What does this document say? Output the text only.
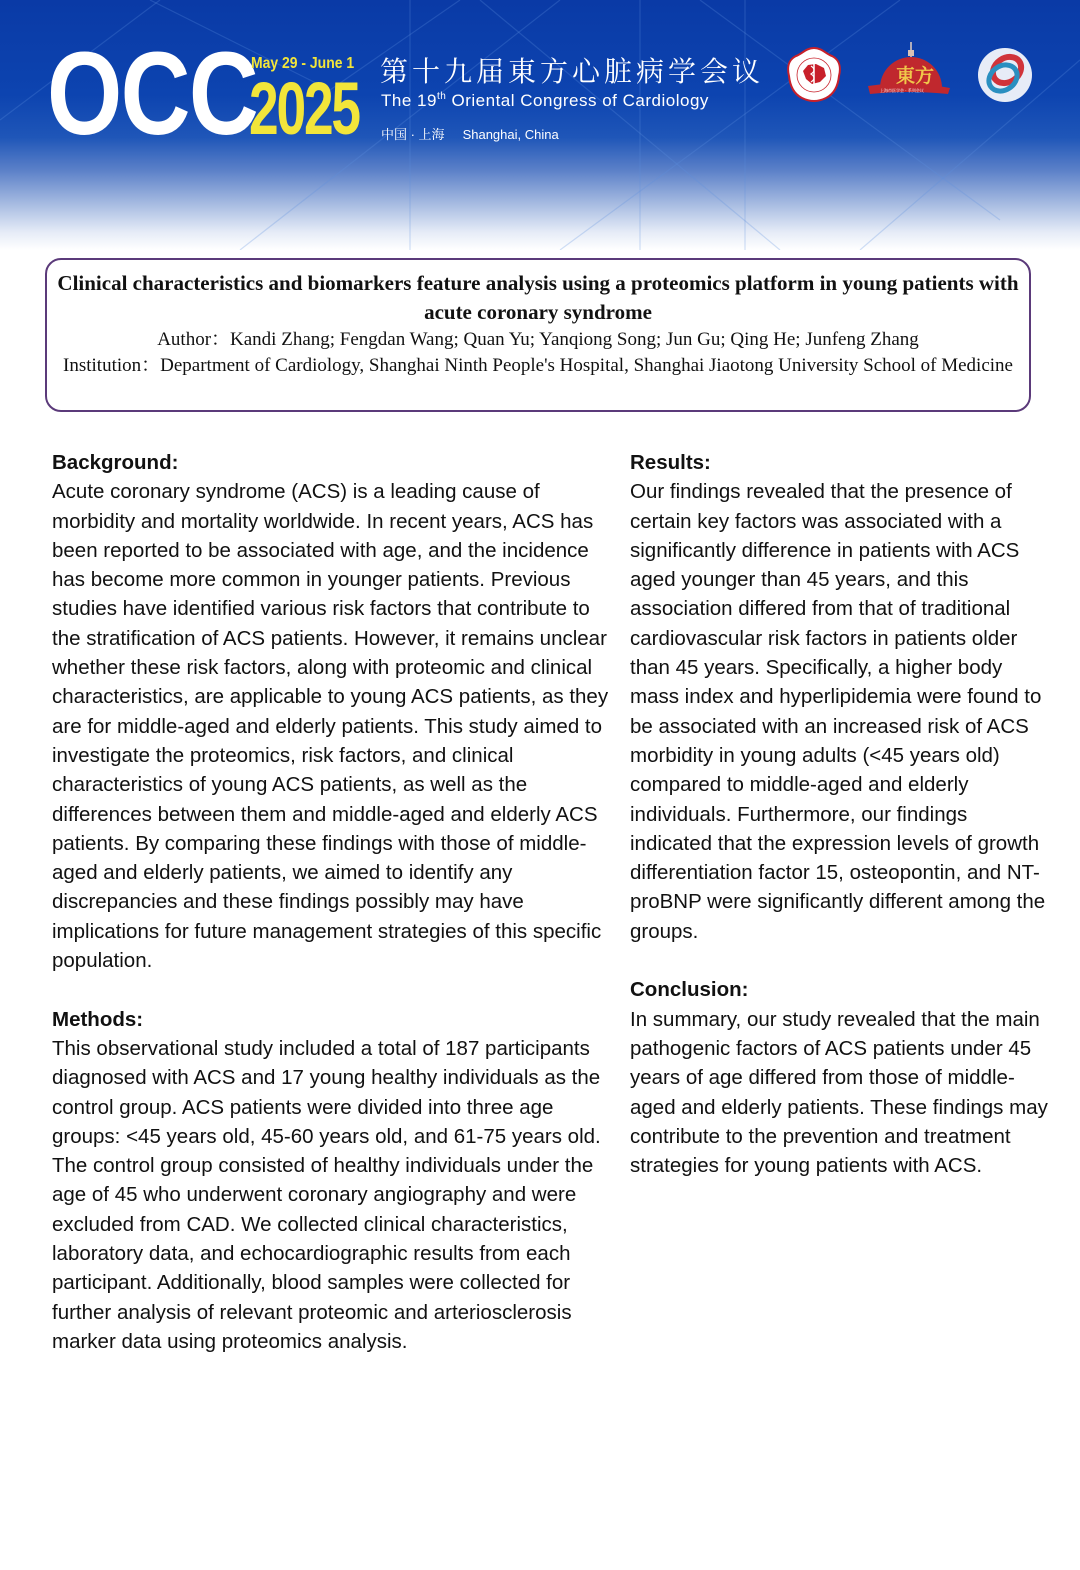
OCC
May 29 - June 1
2025 第十九届東方心脏病学会议
The 19th Oriental Congress of Cardiology
中国 · 上海 Shanghai, China
東方
上海市医学会 · 系列会议
Clinical characteristics and biomarkers feature analysis using a proteomics platform in young patients with acute coronary syndrome
Author：Kandi Zhang; Fengdan Wang; Quan Yu; Yanqiong Song; Jun Gu; Qing He; Junfeng Zhang
Institution：Department of Cardiology, Shanghai Ninth People's Hospital, Shanghai Jiaotong University School of Medicine
Background:
Acute coronary syndrome (ACS) is a leading cause of morbidity and mortality worldwide. In recent years, ACS has been reported to be associated with age, and the incidence has become more common in younger patients. Previous studies have identified various risk factors that contribute to the stratification of ACS patients. However, it remains unclear whether these risk factors, along with proteomic and clinical characteristics, are applicable to young ACS patients, as they are for middle-aged and elderly patients. This study aimed to investigate the proteomics, risk factors, and clinical characteristics of young ACS patients, as well as the differences between them and middle-aged and elderly ACS patients. By comparing these findings with those of middle-aged and elderly patients, we aimed to identify any discrepancies and these findings possibly may have implications for future management strategies of this specific population.
Methods:
This observational study included a total of 187 participants diagnosed with ACS and 17 young healthy individuals as the control group. ACS patients were divided into three age groups: <45 years old, 45-60 years old, and 61-75 years old. The control group consisted of healthy individuals under the age of 45 who underwent coronary angiography and were excluded from CAD. We collected clinical characteristics, laboratory data, and echocardiographic results from each participant. Additionally, blood samples were collected for further analysis of relevant proteomic and arteriosclerosis marker data using proteomics analysis.
Results:
Our findings revealed that the presence of certain key factors was associated with a significantly difference in patients with ACS aged younger than 45 years, and this association differed from that of traditional cardiovascular risk factors in patients older than 45 years. Specifically, a higher body mass index and hyperlipidemia were found to be associated with an increased risk of ACS morbidity in young adults (<45 years old) compared to middle-aged and elderly individuals. Furthermore, our findings indicated that the expression levels of growth differentiation factor 15, osteopontin, and NT-proBNP were significantly different among the groups.
Conclusion:
In summary, our study revealed that the main pathogenic factors of ACS patients under 45 years of age differed from those of middle-aged and elderly patients. These findings may contribute to the prevention and treatment strategies for young patients with ACS.
